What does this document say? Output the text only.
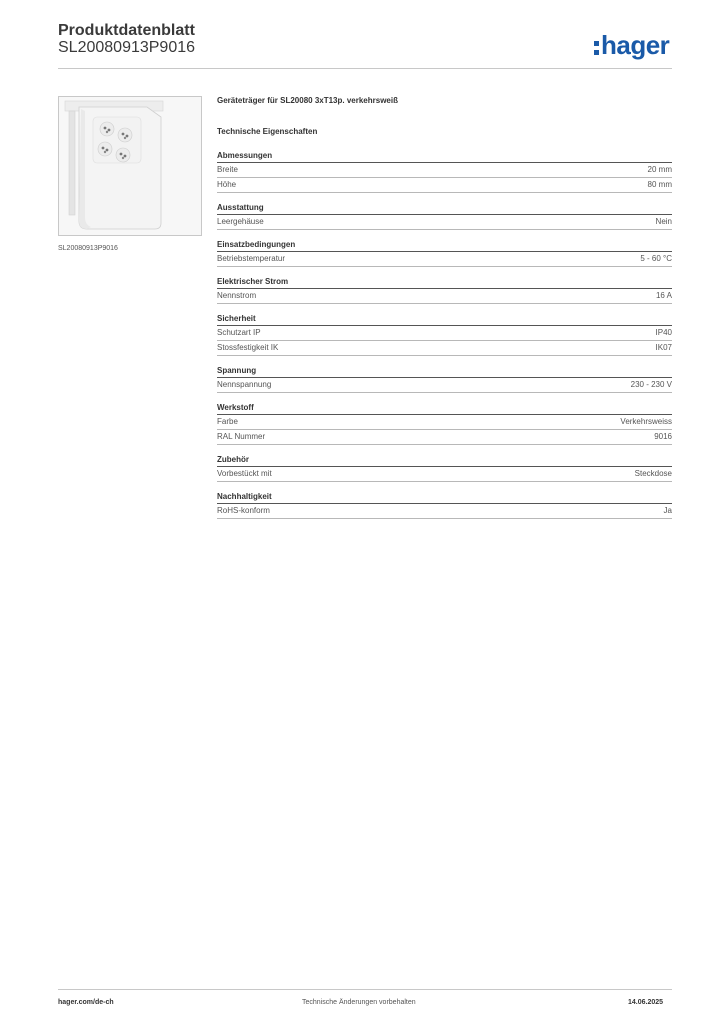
Produktdatenblatt
SL20080913P9016	hager
SL20080913P9016
Geräteträger für SL20080 3xT13p. verkehrsweiß
Technische Eigenschaften
Abmessungen
Breite	20 mm
Höhe	80 mm
Ausstattung
Leergehäuse	Nein
Einsatzbedingungen
Betriebstemperatur	5 - 60 °C
Elektrischer Strom
Nennstrom	16 A
Sicherheit
Schutzart IP	IP40
Stossfestigkeit IK	IK07
Spannung
Nennspannung	230 - 230 V
Werkstoff
Farbe	Verkehrsweiss
RAL Nummer	9016
Zubehör
Vorbestückt mit	Steckdose
Nachhaltigkeit
RoHS-konform	Ja
hager.com/de-ch	Technische Änderungen vorbehalten	14.06.2025
